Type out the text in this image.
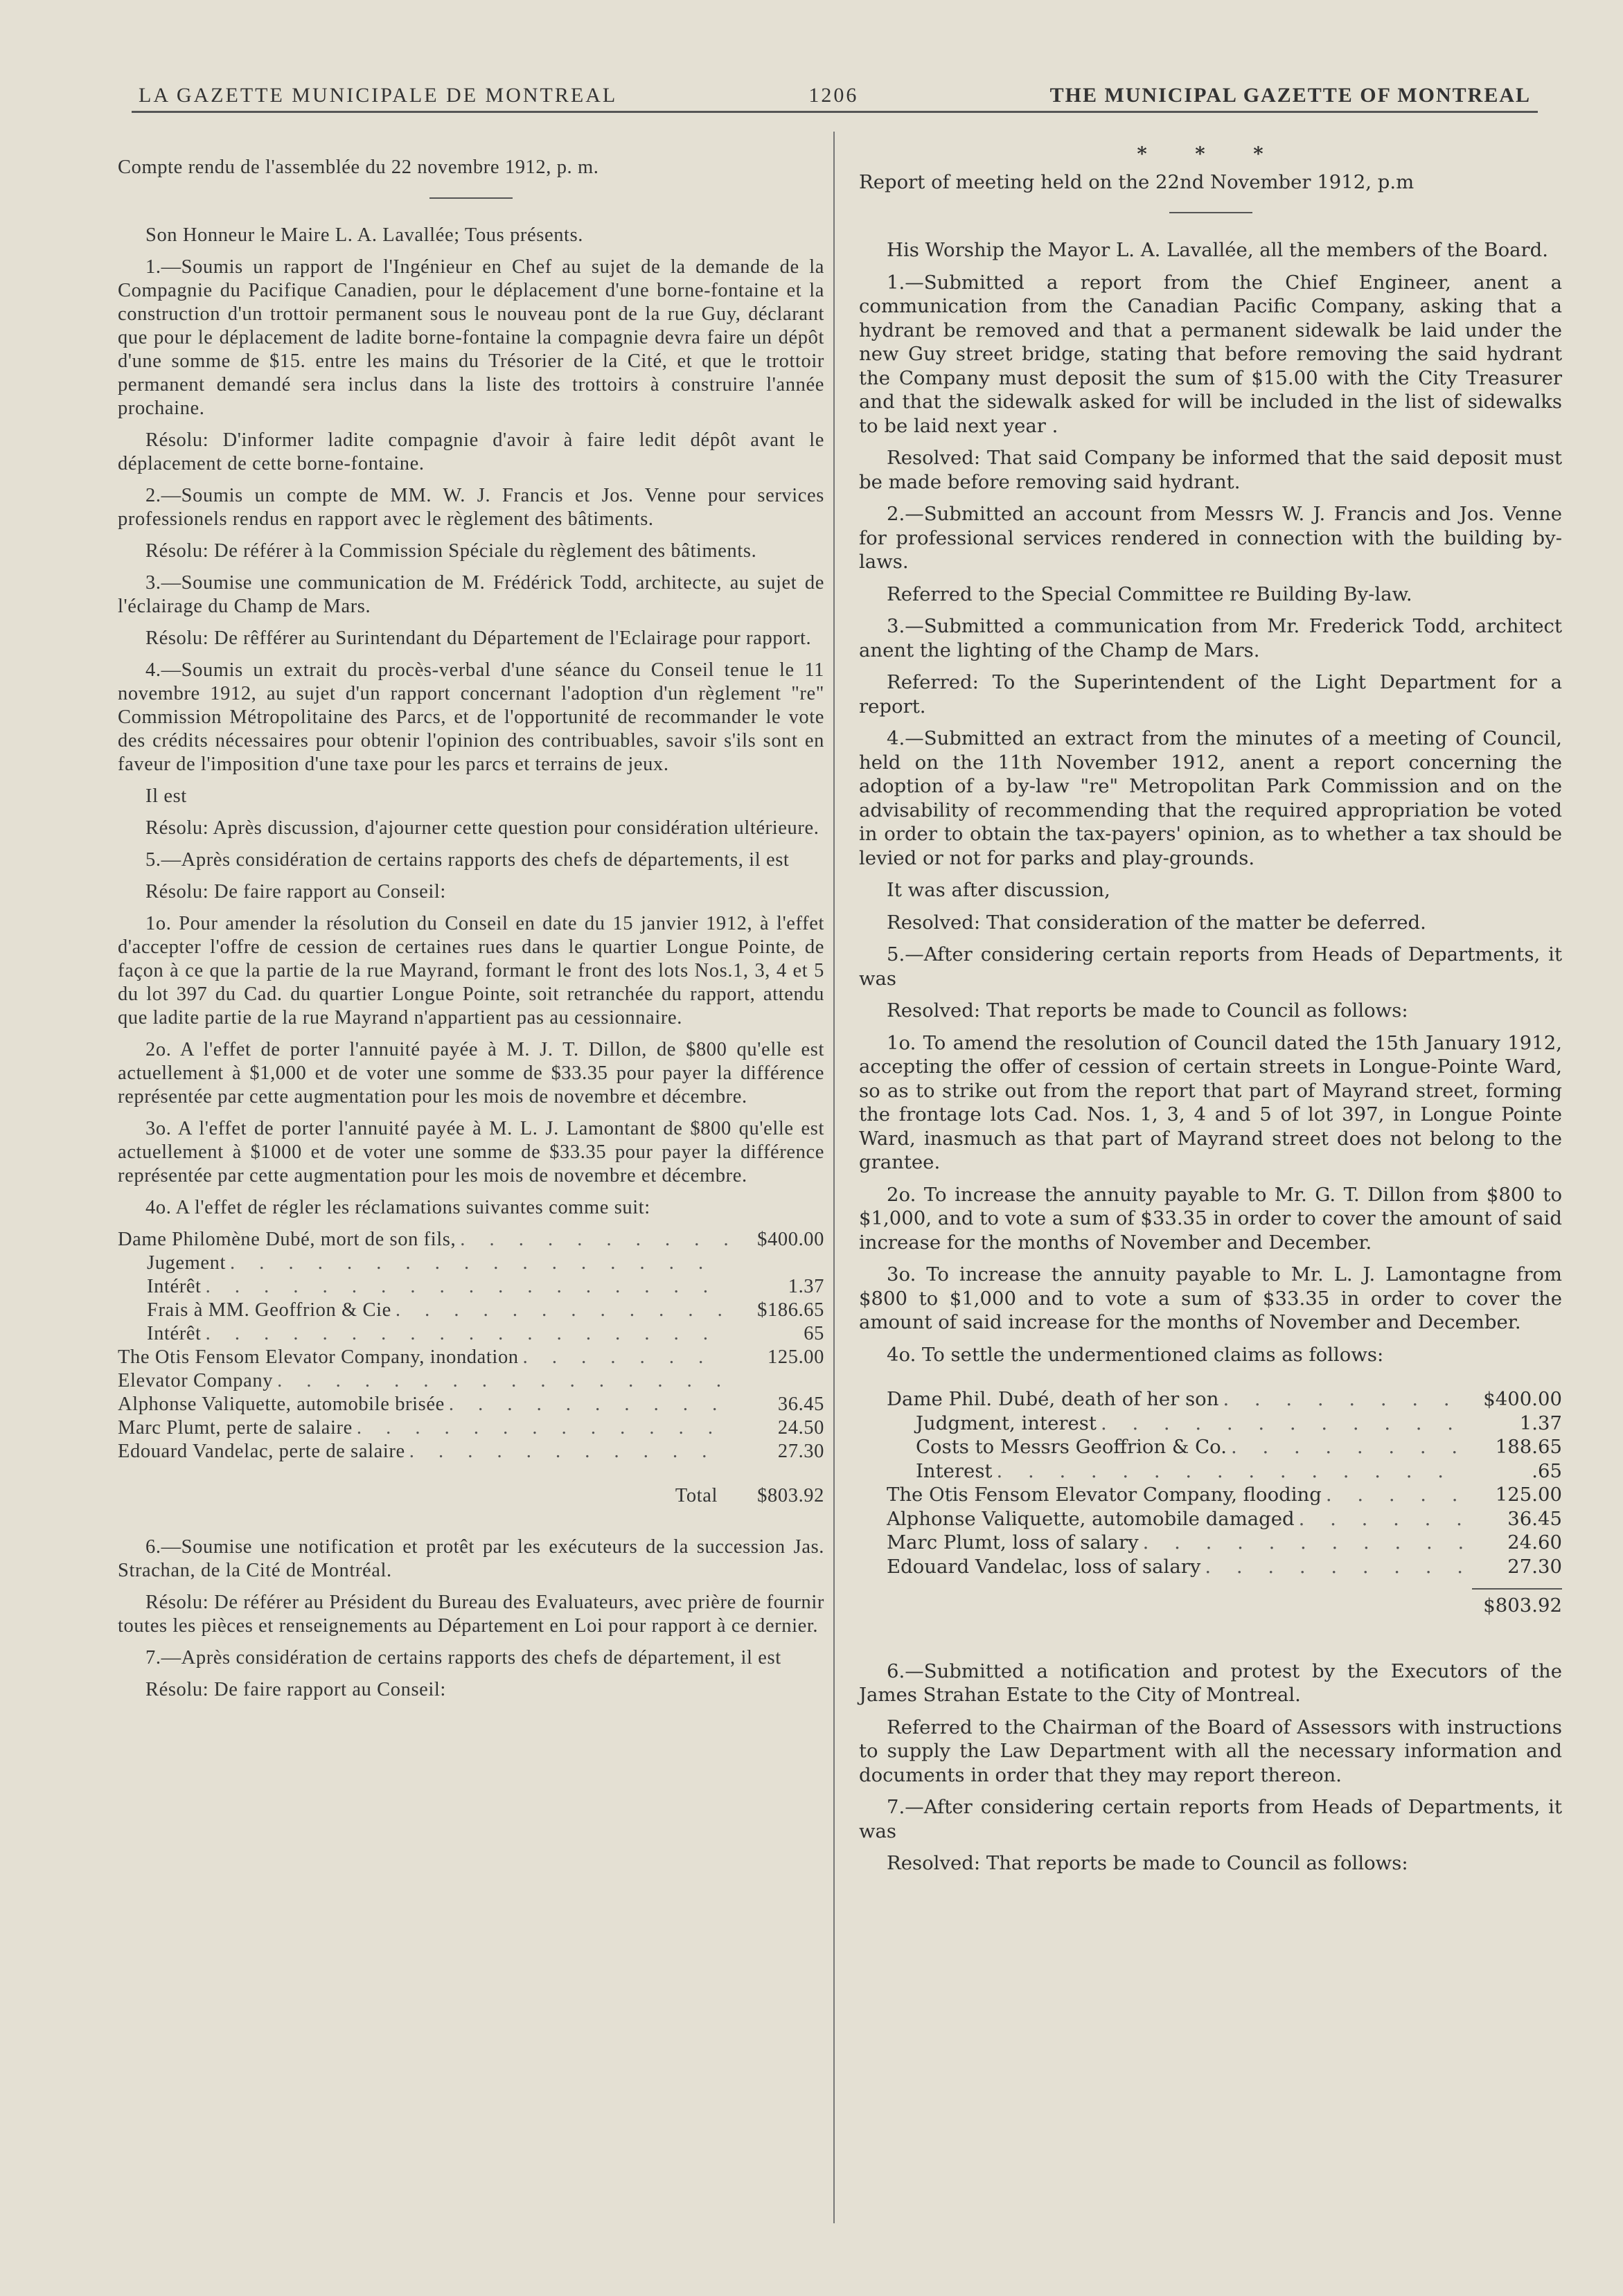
LA GAZETTE MUNICIPALE DE MONTREAL	1206	THE MUNICIPAL GAZETTE OF MONTREAL

Compte rendu de l'assemblée du 22 novembre 1912, p. m.

Son Honneur le Maire L. A. Lavallée; Tous présents.

1.—Soumis un rapport de l'Ingénieur en Chef au sujet de la demande de la Compagnie du Pacifique Canadien, pour le déplacement d'une borne-fontaine et la construction d'un trottoir permanent sous le nouveau pont de la rue Guy, déclarant que pour le déplacement de ladite borne-fontaine la compagnie devra faire un dépôt d'une somme de $15. entre les mains du Trésorier de la Cité, et que le trottoir permanent demandé sera inclus dans la liste des trottoirs à construire l'année prochaine.

Résolu: D'informer ladite compagnie d'avoir à faire ledit dépôt avant le déplacement de cette borne-fontaine.

2.—Soumis un compte de MM. W. J. Francis et Jos. Venne pour services professionels rendus en rapport avec le règlement des bâtiments.

Résolu: De référer à la Commission Spéciale du règlement des bâtiments.

3.—Soumise une communication de M. Frédérick Todd, architecte, au sujet de l'éclairage du Champ de Mars.

Résolu: De rêfférer au Surintendant du Département de l'Eclairage pour rapport.

4.—Soumis un extrait du procès-verbal d'une séance du Conseil tenue le 11 novembre 1912, au sujet d'un rapport concernant l'adoption d'un règlement "re" Commission Métropolitaine des Parcs, et de l'opportunité de recommander le vote des crédits nécessaires pour obtenir l'opinion des contribuables, savoir s'ils sont en faveur de l'imposition d'une taxe pour les parcs et terrains de jeux.

Il est

Résolu: Après discussion, d'ajourner cette question pour considération ultérieure.

5.—Après considération de certains rapports des chefs de départements, il est

Résolu: De faire rapport au Conseil:

1o. Pour amender la résolution du Conseil en date du 15 janvier 1912, à l'effet d'accepter l'offre de cession de certaines rues dans le quartier Longue Pointe, de façon à ce que la partie de la rue Mayrand, formant le front des lots Nos.1, 3, 4 et 5 du lot 397 du Cad. du quartier Longue Pointe, soit retranchée du rapport, attendu que ladite partie de la rue Mayrand n'appartient pas au cessionnaire.

2o. A l'effet de porter l'annuité payée à M. J. T. Dillon, de $800 qu'elle est actuellement à $1,000 et de voter une somme de $33.35 pour payer la différence représentée par cette augmentation pour les mois de novembre et décembre.

3o. A l'effet de porter l'annuité payée à M. L. J. Lamontant de $800 qu'elle est actuellement à $1000 et de voter une somme de $33.35 pour payer la différence représentée par cette augmentation pour les mois de novembre et décembre.

4o. A l'effet de régler les réclamations suivantes comme suit:

Dame Philomène Dubé, mort de son fils, . . .	$400.00
Jugement
. . .
Intérêt . . .	1.37
Frais à MM. Geoffrion & Cie . . .	$186.65
Intérêt . . .	65
The Otis Fensom Elevator Company, inondation . . .	125.00
Elevator Company
. . .
Alphonse Valiquette, automobile brisée . . .	36.45
Marc Plumt, perte de salaire . . .	24.50
Edouard Vandelac, perte de salaire . . .	27.30
Total	$803.92

6.—Soumise une notification et protêt par les exécuteurs de la succession Jas. Strachan, de la Cité de Montréal.

Résolu: De référer au Président du Bureau des Evaluateurs, avec prière de fournir toutes les pièces et renseignements au Département en Loi pour rapport à ce dernier.

7.—Après considération de certains rapports des chefs de département, il est

Résolu: De faire rapport au Conseil:

* * *

Report of meeting held on the 22nd November 1912, p.m

His Worship the Mayor L. A. Lavallée, all the members of the Board.

1.—Submitted a report from the Chief Engineer, anent a communication from the Canadian Pacific Company, asking that a hydrant be removed and that a permanent sidewalk be laid under the new Guy street bridge, stating that before removing the said hydrant the Company must deposit the sum of $15.00 with the City Treasurer and that the sidewalk asked for will be included in the list of sidewalks to be laid next year .

Resolved: That said Company be informed that the said deposit must be made before removing said hydrant.

2.—Submitted an account from Messrs W. J. Francis and Jos. Venne for professional services rendered in connection with the building by-laws.

Referred to the Special Committee re Building By-law.

3.—Submitted a communication from Mr. Frederick Todd, architect anent the lighting of the Champ de Mars.

Referred: To the Superintendent of the Light Department for a report.

4.—Submitted an extract from the minutes of a meeting of Council, held on the 11th November 1912, anent a report concerning the adoption of a by-law "re" Metropolitan Park Commission and on the advisability of recommending that the required appropriation be voted in order to obtain the tax-payers' opinion, as to whether a tax should be levied or not for parks and play-grounds.

It was after discussion,

Resolved: That consideration of the matter be deferred.

5.—After considering certain reports from Heads of Departments, it was

Resolved: That reports be made to Council as follows:

1o. To amend the resolution of Council dated the 15th January 1912, accepting the offer of cession of certain streets in Longue-Pointe Ward, so as to strike out from the report that part of Mayrand street, forming the frontage lots Cad. Nos. 1, 3, 4 and 5 of lot 397, in Longue Pointe Ward, inasmuch as that part of Mayrand street does not belong to the grantee.

2o. To increase the annuity payable to Mr. G. T. Dillon from $800 to $1,000, and to vote a sum of $33.35 in order to cover the amount of said increase for the months of November and December.

3o. To increase the annuity payable to Mr. L. J. Lamontagne from $800 to $1,000 and to vote a sum of $33.35 in order to cover the amount of said increase for the months of November and December.

4o. To settle the undermentioned claims as follows:

Dame Phil. Dubé, death of her son . . .	$400.00
Judgment, interest . . .	1.37
Costs to Messrs Geoffrion & Co. . . .	188.65
Interest . . .	.65
The Otis Fensom Elevator Company, flooding . . .	125.00
Alphonse Valiquette, automobile damaged . . .	36.45
Marc Plumt, loss of salary . . .	24.60
Edouard Vandelac, loss of salary . . .	27.30
$803.92

6.—Submitted a notification and protest by the Executors of the James Strahan Estate to the City of Montreal.

Referred to the Chairman of the Board of Assessors with instructions to supply the Law Department with all the necessary information and documents in order that they may report thereon.

7.—After considering certain reports from Heads of Departments, it was

Resolved: That reports be made to Council as follows:
